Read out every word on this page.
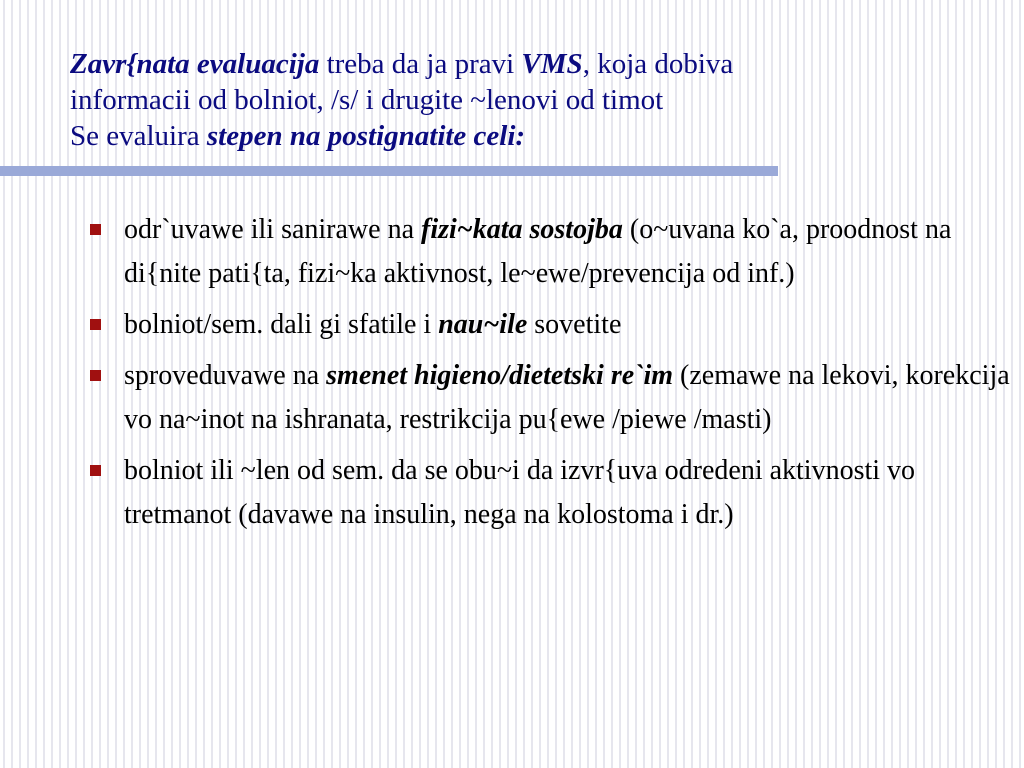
Zavr{nata evaluacija treba da ja pravi VMS, koja dobiva
informacii od bolniot, /s/ i drugite ~lenovi od timot
Se evaluira stepen na postignatite celi:
odr`uvawe ili sanirawe na fizi~kata sostojba (o~uvana ko`a, proodnost na di{nite pati{ta, fizi~ka aktivnost, le~ewe/prevencija od inf.)
bolniot/sem. dali gi sfatile i nau~ile sovetite
sproveduvawe na smenet higieno/dietetski re`im (zemawe na lekovi, korekcija vo na~inot na ishranata, restrikcija pu{ewe /piewe /masti)
bolniot ili ~len od sem. da se obu~i da izvr{uva odredeni aktivnosti vo tretmanot (davawe na insulin, nega na kolostoma i dr.)
